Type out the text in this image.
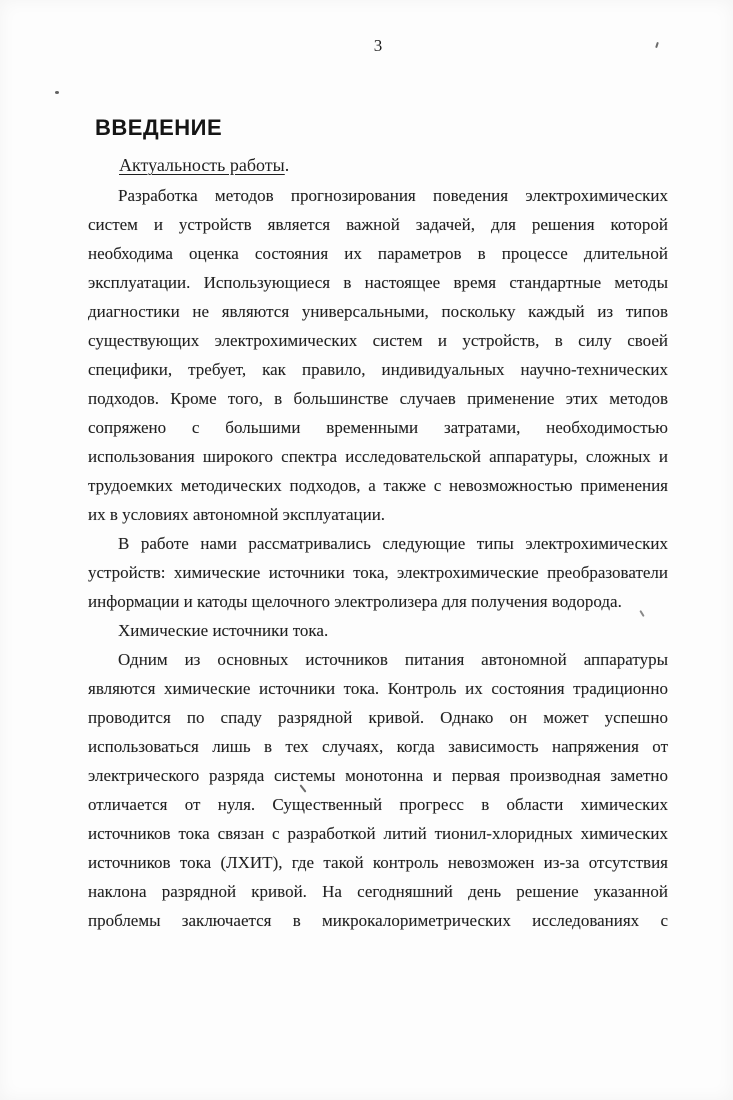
3
ВВЕДЕНИЕ
Актуальность работы.
Разработка методов прогнозирования поведения электрохимических
систем и устройств является важной задачей, для решения которой
необходима оценка состояния их параметров в процессе длительной
эксплуатации. Использующиеся в настоящее время стандартные методы
диагностики не являются универсальными, поскольку каждый из типов
существующих электрохимических систем и устройств, в силу своей
специфики, требует, как правило, индивидуальных научно-технических
подходов. Кроме того, в большинстве случаев применение этих методов
сопряжено с большими временными затратами, необходимостью
использования широкого спектра исследовательской аппаратуры, сложных и
трудоемких методических подходов, а также с невозможностью применения
их в условиях автономной эксплуатации.
В работе нами рассматривались следующие типы электрохимических
устройств: химические источники тока, электрохимические преобразователи
информации и катоды щелочного электролизера для получения водорода.
Химические источники тока.
Одним из основных источников питания автономной аппаратуры
являются химические источники тока. Контроль их состояния традиционно
проводится по спаду разрядной кривой. Однако он может успешно
использоваться лишь в тех случаях, когда зависимость напряжения от
электрического разряда системы монотонна и первая производная заметно
отличается от нуля. Существенный прогресс в области химических
источников тока связан с разработкой литий тионил-хлоридных химических
источников тока (ЛХИТ), где такой контроль невозможен из-за отсутствия
наклона разрядной кривой. На сегодняшний день решение указанной
проблемы заключается в микрокалориметрических исследованиях с
